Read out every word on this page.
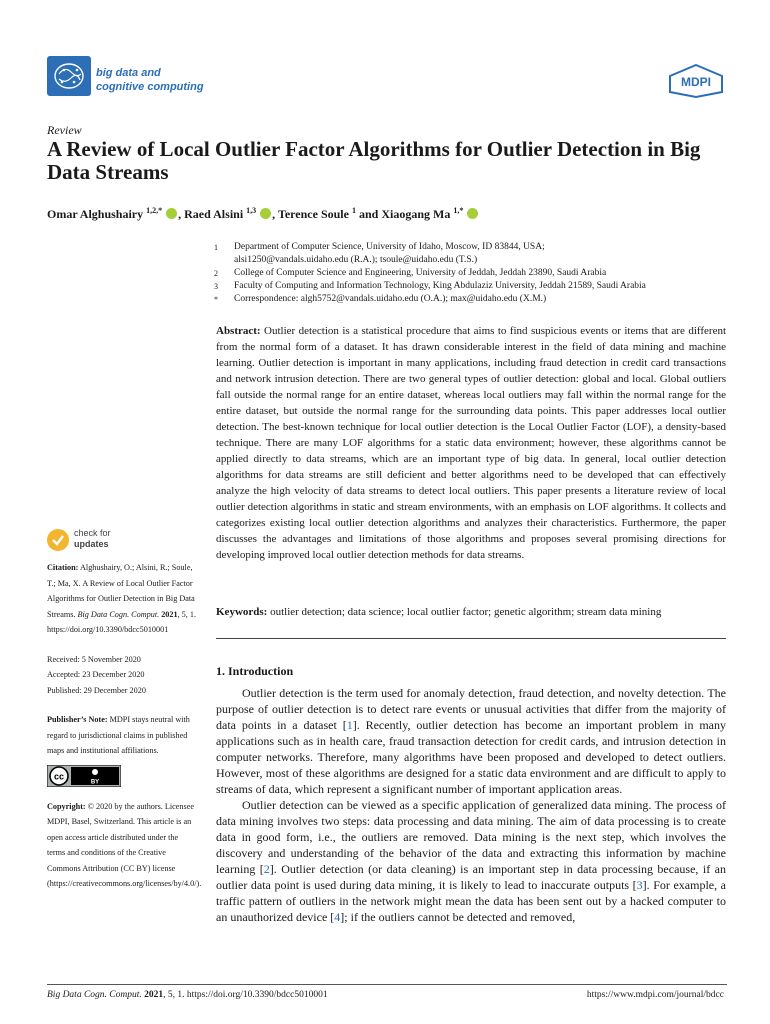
big data and
cognitive computing	MDPI
Review
A Review of Local Outlier Factor Algorithms for Outlier Detection in Big Data Streams
Omar Alghushairy $^{1,2,*}$ , Raed Alsini $^{1,3}$ , Terence Soule $^1$ and Xiaogang Ma $^{1,*}$
1 Department of Computer Science, University of Idaho, Moscow, ID 83844, USA;
alsi1250@vandals.uidaho.edu (R.A.); tsoule@uidaho.edu (T.S.)
2 College of Computer Science and Engineering, University of Jeddah, Jeddah 23890, Saudi Arabia
3 Faculty of Computing and Information Technology, King Abdulaziz University, Jeddah 21589, Saudi Arabia
* Correspondence: algh5752@vandals.uidaho.edu (O.A.); max@uidaho.edu (X.M.)
Abstract: Outlier detection is a statistical procedure that aims to find suspicious events or items that are different from the normal form of a dataset. It has drawn considerable interest in the field of data mining and machine learning. Outlier detection is important in many applications, including fraud detection in credit card transactions and network intrusion detection. There are two general types of outlier detection: global and local. Global outliers fall outside the normal range for an entire dataset, whereas local outliers may fall within the normal range for the entire dataset, but outside the normal range for the surrounding data points. This paper addresses local outlier detection. The best-known technique for local outlier detection is the Local Outlier Factor (LOF), a density-based technique. There are many LOF algorithms for a static data environment; however, these algorithms cannot be applied directly to data streams, which are an important type of big data. In general, local outlier detection algorithms for data streams are still deficient and better algorithms need to be developed that can effectively analyze the high velocity of data streams to detect local outliers. This paper presents a literature review of local outlier detection algorithms in static and stream environments, with an emphasis on LOF algorithms. It collects and categorizes existing local outlier detection algorithms and analyzes their characteristics. Furthermore, the paper discusses the advantages and limitations of those algorithms and proposes several promising directions for developing improved local outlier detection methods for data streams.
Keywords: outlier detection; data science; local outlier factor; genetic algorithm; stream data mining
check for
updates

Citation: Alghushairy, O.; Alsini, R.; Soule, T.; Ma, X. A Review of Local Outlier Factor Algorithms for Outlier Detection in Big Data Streams. Big Data Cogn. Comput. 2021, 5, 1. https://doi.org/10.3390/bdcc5010001

Received: 5 November 2020

Accepted: 23 December 2020

Published: 29 December 2020

Publisher’s Note: MDPI stays neutral with regard to jurisdictional claims in published maps and institutional affiliations.

cc
BY

Copyright: © 2020 by the authors. Licensee MDPI, Basel, Switzerland. This article is an open access article distributed under the terms and conditions of the Creative Commons Attribution (CC BY) license (https://creativecommons.org/licenses/by/4.0/).

1. Introduction

Outlier detection is the term used for anomaly detection, fraud detection, and novelty detection. The purpose of outlier detection is to detect rare events or unusual activities that differ from the majority of data points in a dataset [1]. Recently, outlier detection has become an important problem in many applications such as in health care, fraud transaction detection for credit cards, and intrusion detection in computer networks. Therefore, many algorithms have been proposed and developed to detect outliers. However, most of these algorithms are designed for a static data environment and are difficult to apply to streams of data, which represent a significant number of important application areas.

Outlier detection can be viewed as a specific application of generalized data mining. The process of data mining involves two steps: data processing and data mining. The aim of data processing is to create data in good form, i.e., the outliers are removed. Data mining is the next step, which involves the discovery and understanding of the behavior of the data and extracting this information by machine learning [2]. Outlier detection (or data cleaning) is an important step in data processing because, if an outlier data point is used during data mining, it is likely to lead to inaccurate outputs [3]. For example, a traffic pattern of outliers in the network might mean the data has been sent out by a hacked computer to an unauthorized device [4]; if the outliers cannot be detected and removed,

Big Data Cogn. Comput. 2021, 5, 1. https://doi.org/10.3390/bdcc5010001	https://www.mdpi.com/journal/bdcc
